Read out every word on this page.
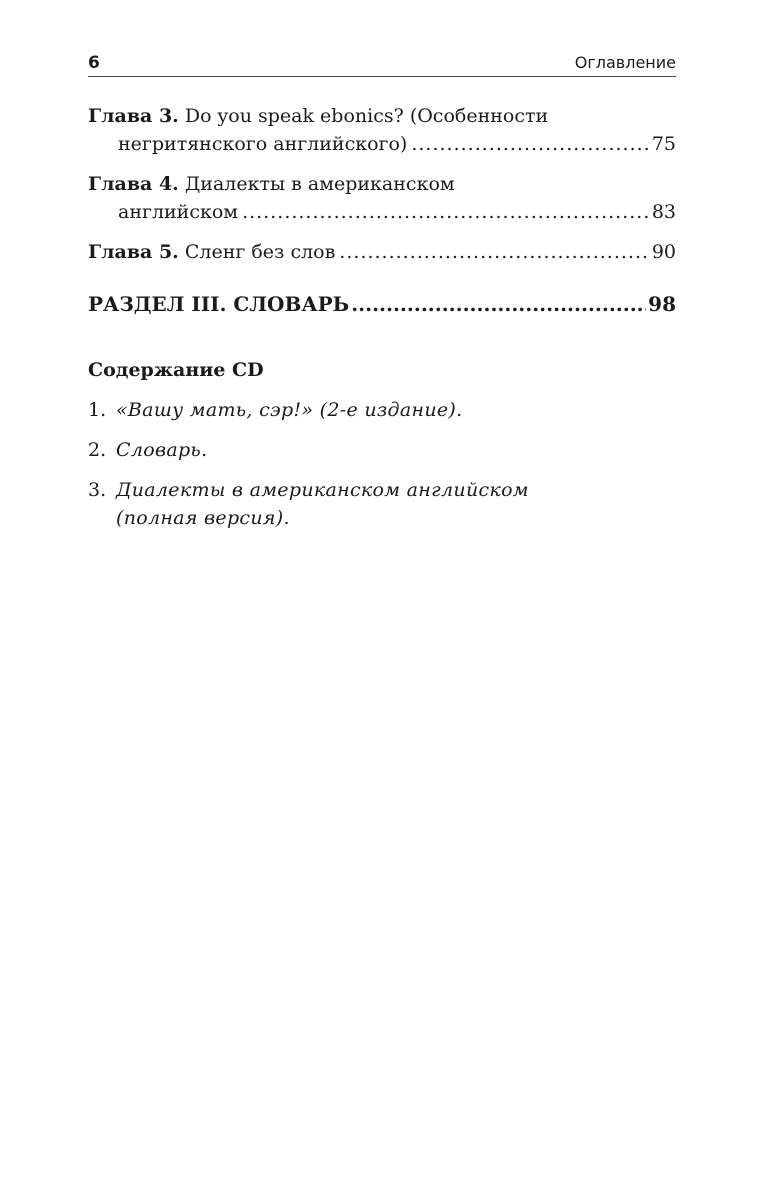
6	Оглавление
Глава 3. Do you speak ebonics? (Особенности
негритянского английского) .....	75
Глава 4. Диалекты в американском
английском .....	83
Глава 5.
Сленг без слов .....	90
РАЗДЕЛ III. СЛОВАРЬ .....	98
Содержание CD
1. «Вашу мать, сэр!» (2-е издание).
2. Словарь.
3. Диалекты в американском английском
(полная версия).
